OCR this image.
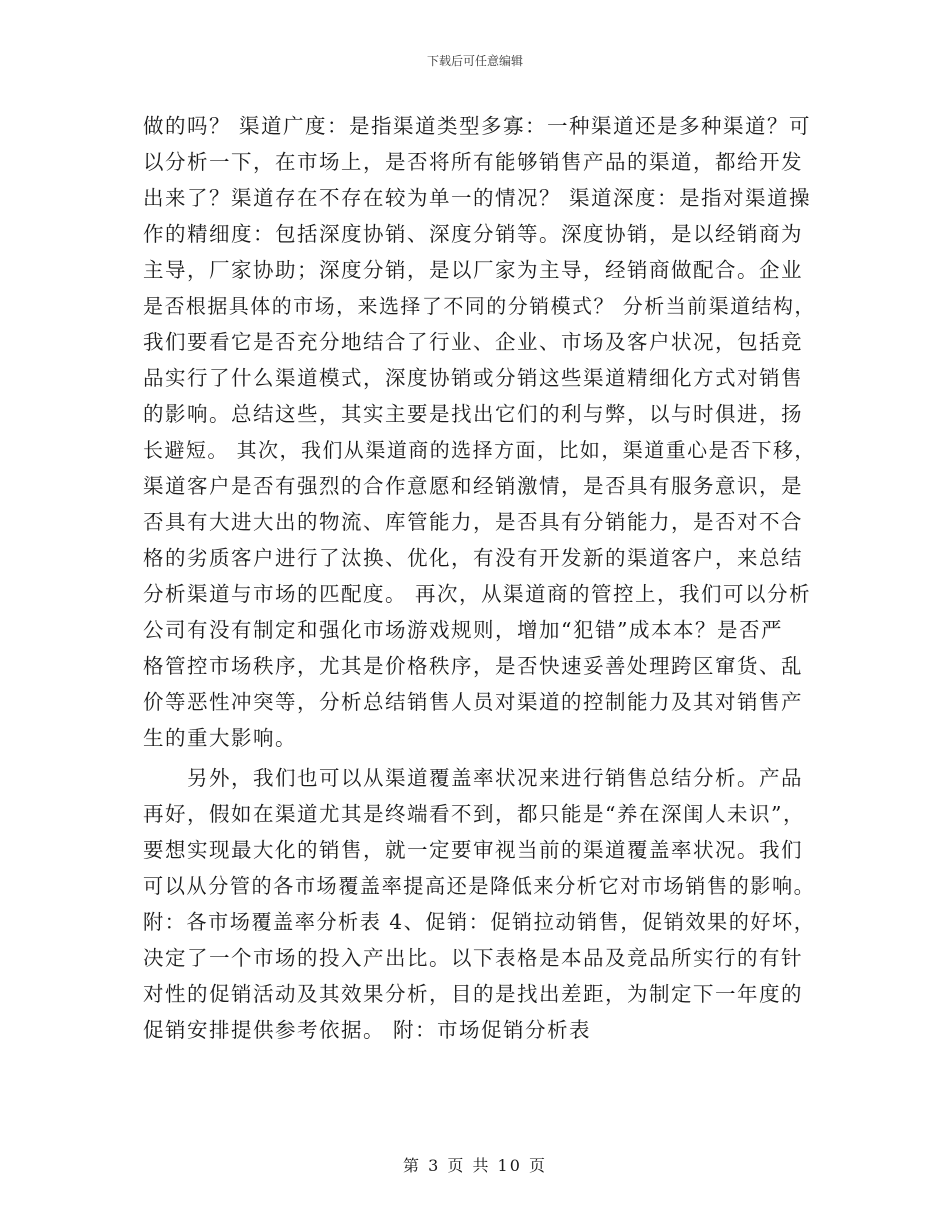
下载后可任意编辑
做的吗？ 渠道广度：是指渠道类型多寡：一种渠道还是多种渠道？可
以分析一下，在市场上，是否将所有能够销售产品的渠道，都给开发
出来了？渠道存在不存在较为单一的情况？ 渠道深度：是指对渠道操
作的精细度：包括深度协销、深度分销等。深度协销，是以经销商为
主导，厂家协助；深度分销，是以厂家为主导，经销商做配合。企业
是否根据具体的市场，来选择了不同的分销模式？ 分析当前渠道结构，
我们要看它是否充分地结合了行业、企业、市场及客户状况，包括竞
品实行了什么渠道模式，深度协销或分销这些渠道精细化方式对销售
的影响。总结这些，其实主要是找出它们的利与弊，以与时俱进，扬
长避短。 其次，我们从渠道商的选择方面，比如，渠道重心是否下移，
渠道客户是否有强烈的合作意愿和经销激情，是否具有服务意识，是
否具有大进大出的物流、库管能力，是否具有分销能力，是否对不合
格的劣质客户进行了汰换、优化，有没有开发新的渠道客户，来总结
分析渠道与市场的匹配度。 再次，从渠道商的管控上，我们可以分析
公司有没有制定和强化市场游戏规则，增加“犯错”成本本？是否严
格管控市场秩序，尤其是价格秩序，是否快速妥善处理跨区窜货、乱
价等恶性冲突等，分析总结销售人员对渠道的控制能力及其对销售产
生的重大影响。
　　另外，我们也可以从渠道覆盖率状况来进行销售总结分析。产品
再好，假如在渠道尤其是终端看不到，都只能是“养在深闺人未识”，
要想实现最大化的销售，就一定要审视当前的渠道覆盖率状况。我们
可以从分管的各市场覆盖率提高还是降低来分析它对市场销售的影响。
附：各市场覆盖率分析表 4、促销：促销拉动销售，促销效果的好坏，
决定了一个市场的投入产出比。以下表格是本品及竞品所实行的有针
对性的促销活动及其效果分析，目的是找出差距，为制定下一年度的
促销安排提供参考依据。 附：市场促销分析表
第 3 页 共 10 页
